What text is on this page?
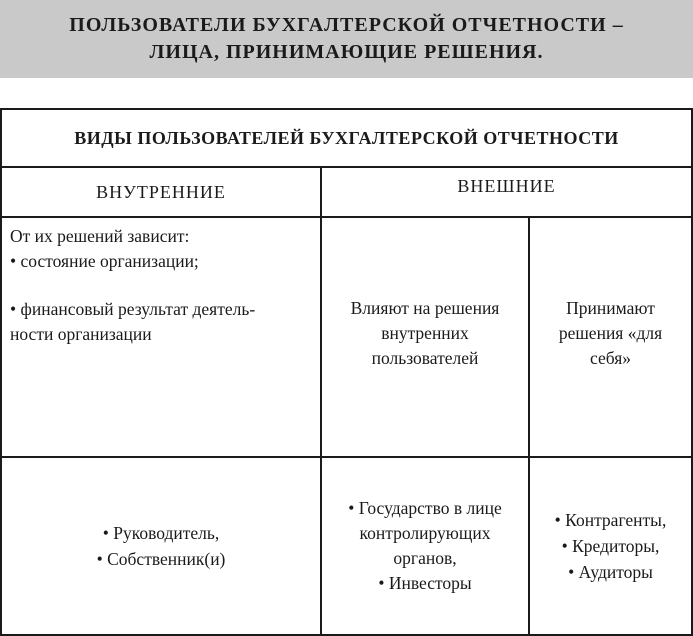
ПОЛЬЗОВАТЕЛИ БУХГАЛТЕРСКОЙ ОТЧЕТНОСТИ –
ЛИЦА, ПРИНИМАЮЩИЕ РЕШЕНИЯ.
ВИДЫ ПОЛЬЗОВАТЕЛЕЙ БУХГАЛТЕРСКОЙ ОТЧЕТНОСТИ
ВНУТРЕННИЕ	ВНЕШНИЕ
От их решений зависит:
• состояние организации;
• финансовый результат деятель-
ности организации
Влияют на решения
внутренних
пользователей
Принимают
решения «для
себя»
• Руководитель,
• Собственник(и)
• Государство в лице
контролирующих
органов,
• Инвесторы
• Контрагенты,
• Кредиторы,
• Аудиторы
